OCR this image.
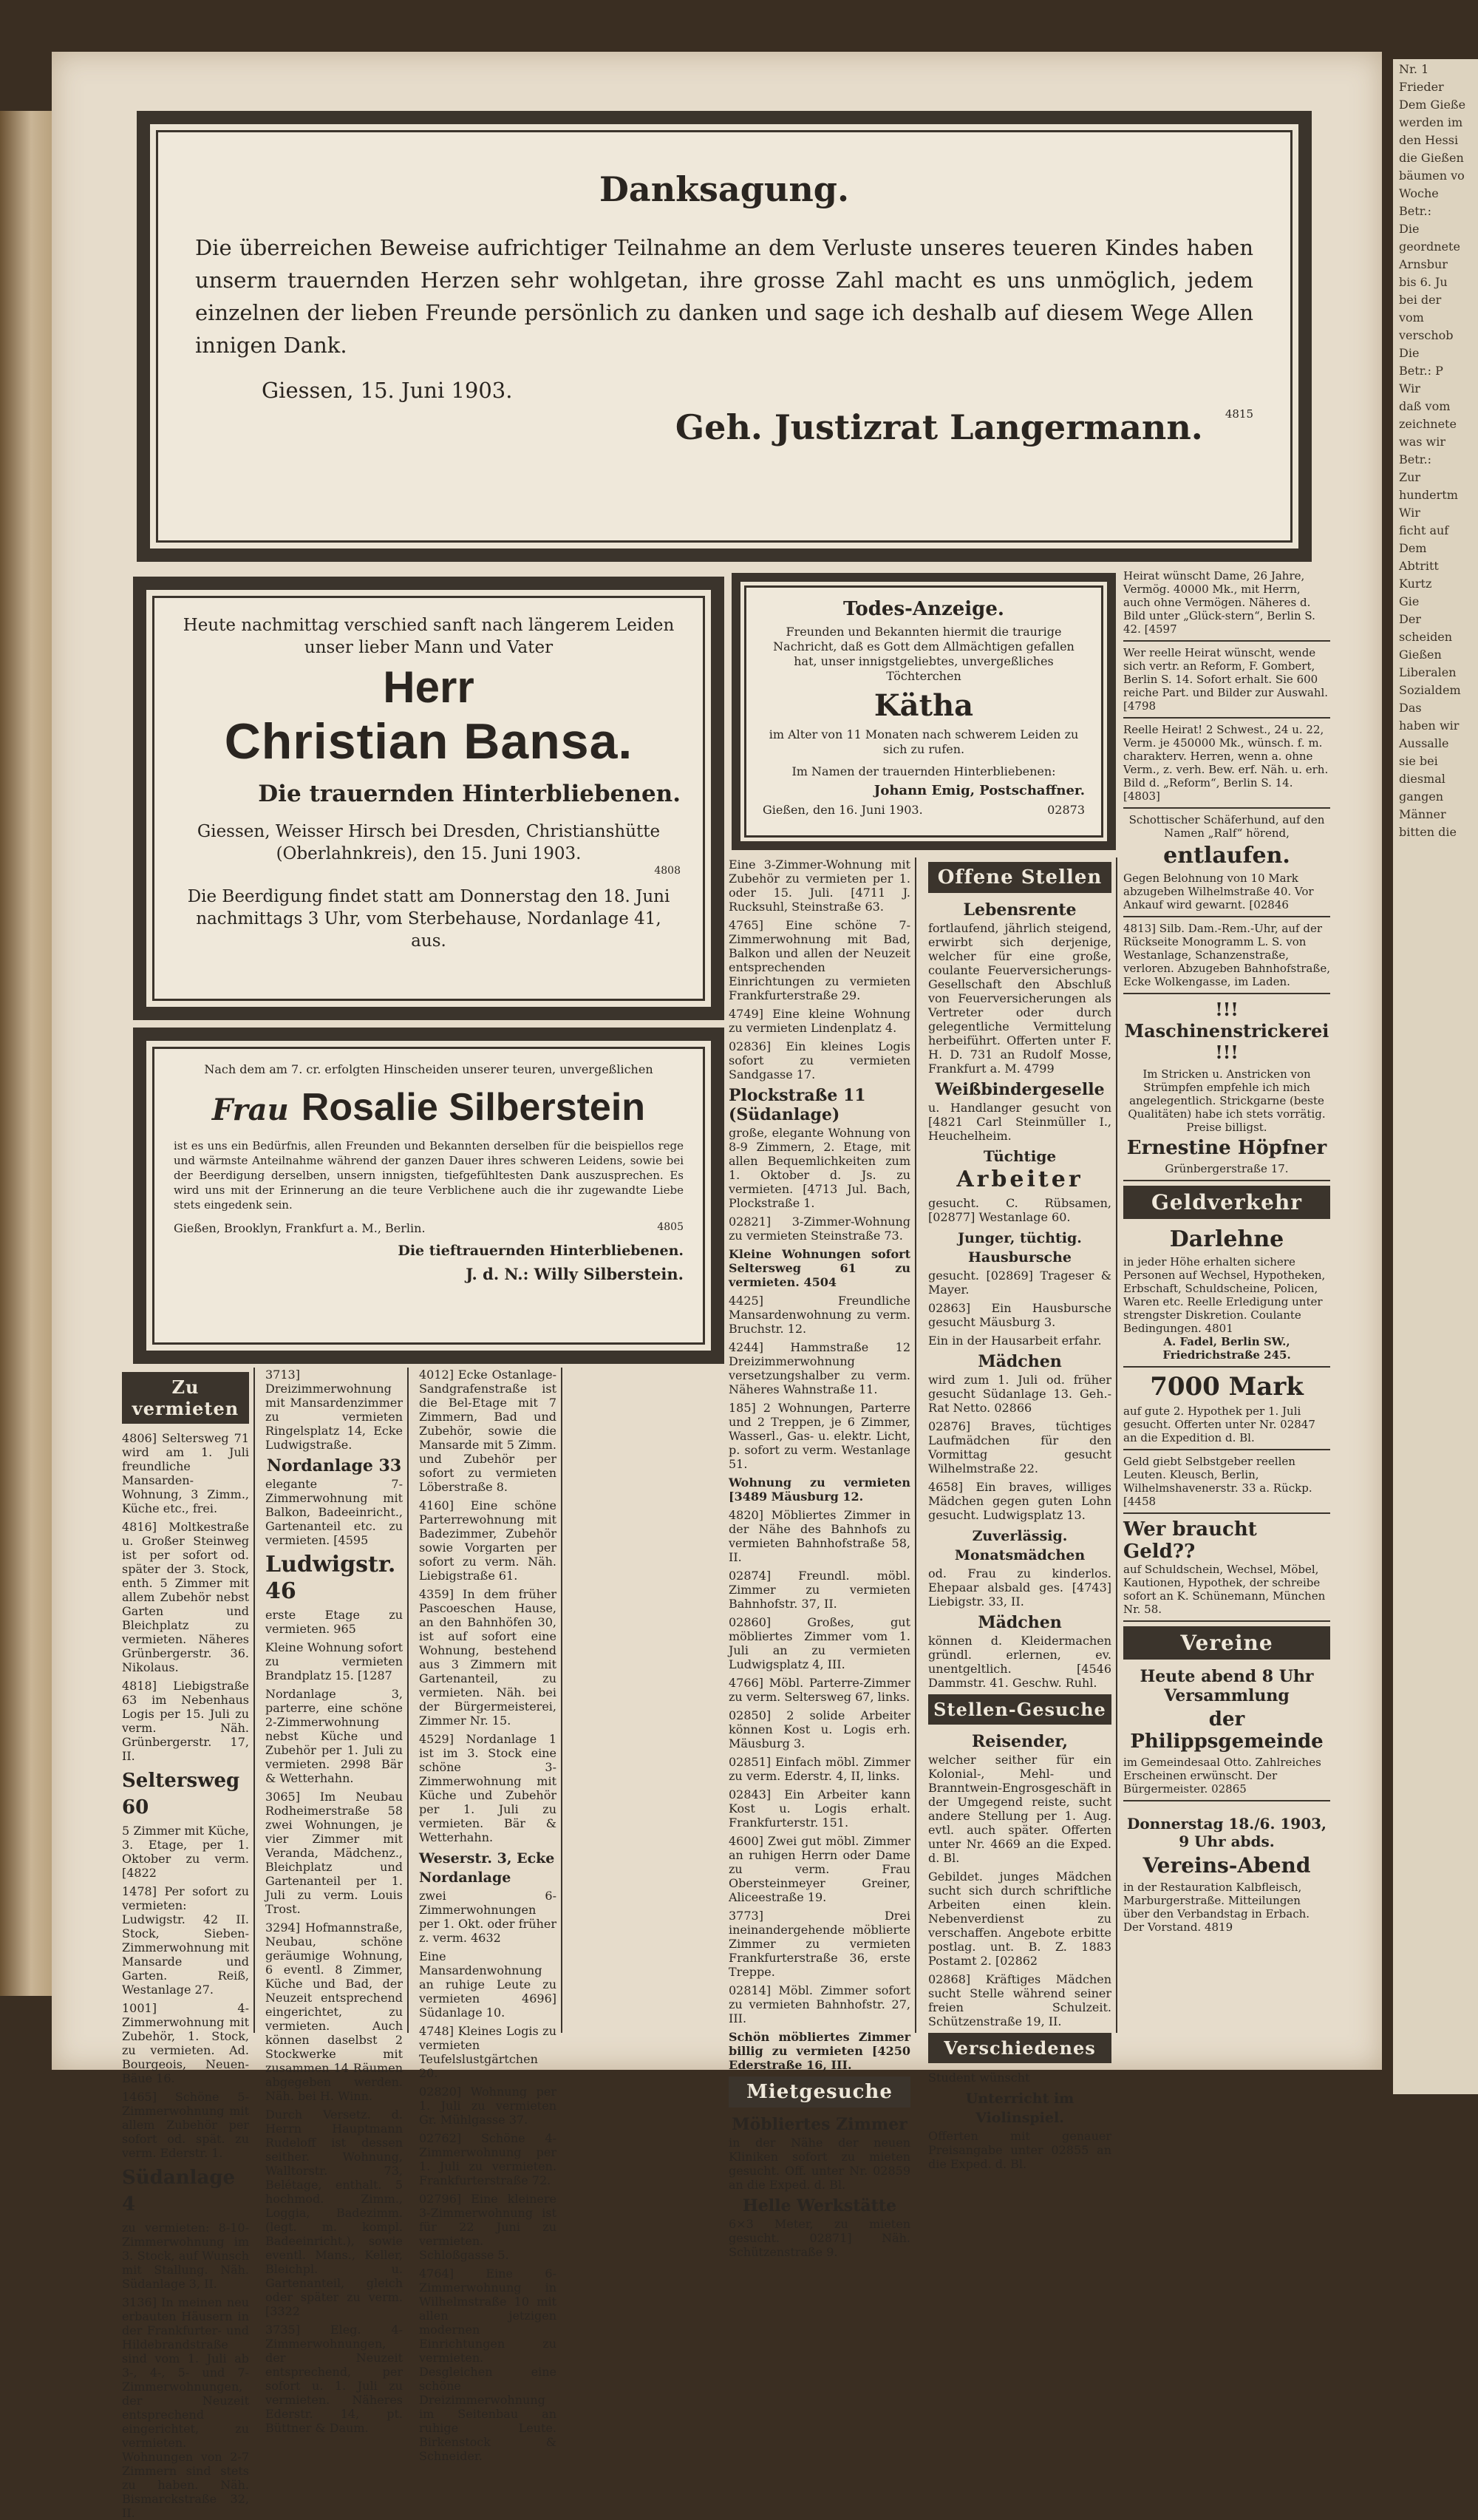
Nr. 1
Frieder
Dem Gieße
werden im
den Hessi
die Gießen
bäumen vo
Woche
Betr.:
Die
geordnete
Arnsbur
bis 6. Ju
bei der
vom
verschob
Die
Betr.: P
Wir
daß vom
zeichnete
was wir
Betr.:
Zur
hundertm
Wir
ficht auf
Dem
Abtritt
Kurtz
Gie
Der
scheiden
Gießen
Liberalen
Sozialdem
Das
haben wir
Aussalle
sie bei
diesmal
gangen
Männer
bitten die
Danksagung.
Die überreichen Beweise aufrichtiger Teilnahme an dem Verluste unseres teueren Kindes haben unserm trauernden Herzen sehr wohlgetan, ihre grosse Zahl macht es uns unmöglich, jedem einzelnen der lieben Freunde persönlich zu danken und sage ich deshalb auf diesem Wege Allen innigen Dank.
Giessen, 15. Juni 1903.
Geh. Justizrat Langermann. 4815
Heute nachmittag verschied sanft nach längerem Leiden unser lieber Mann und Vater
Herr
Christian Bansa.
Die trauernden Hinterbliebenen.
Giessen, Weisser Hirsch bei Dresden, Christianshütte (Oberlahnkreis), den 15. Juni 1903.
4808
Die Beerdigung findet statt am Donnerstag den 18. Juni nachmittags 3 Uhr, vom Sterbehause, Nordanlage 41, aus.
Todes-Anzeige.
Freunden und Bekannten hiermit die traurige Nachricht, daß es Gott dem Allmächtigen gefallen hat, unser innigstgeliebtes, unvergeßliches Töchterchen
Kätha
im Alter von 11 Monaten nach schwerem Leiden zu sich zu rufen.
Im Namen der trauernden Hinterbliebenen:
Johann Emig, Postschaffner.
Gießen, den 16. Juni 1903.	02873
Nach dem am 7. cr. erfolgten Hinscheiden unserer teuren, unvergeßlichen
Frau Rosalie Silberstein
ist es uns ein Bedürfnis, allen Freunden und Bekannten derselben für die beispiellos rege und wärmste Anteilnahme während der ganzen Dauer ihres schweren Leidens, sowie bei der Beerdigung derselben, unsern innigsten, tiefgefühltesten Dank auszusprechen. Es wird uns mit der Erinnerung an die teure Verblichene auch die ihr zugewandte Liebe stets eingedenk sein.
Gießen, Brooklyn, Frankfurt a. M., Berlin.	4805
Die tieftrauernden Hinterbliebenen.
J. d. N.: Willy Silberstein.

Heirat wünscht Dame, 26 Jahre, Vermög. 40000 Mk., mit Herrn, auch ohne Vermögen. Näheres d. Bild unter „Glück-stern“, Berlin S. 42. [4597

Wer reelle Heirat wünscht, wende sich vertr. an Reform, F. Gombert, Berlin S. 14. Sofort erhalt. Sie 600 reiche Part. und Bilder zur Auswahl. [4798

Reelle Heirat! 2 Schwest., 24 u. 22, Verm. je 450000 Mk., wünsch. f. m. charakterv. Herren, wenn a. ohne Verm., z. verh. Bew. erf. Näh. u. erh. Bild d. „Reform“, Berlin S. 14. [4803]

Schottischer Schäferhund, auf den Namen „Ralf“ hörend,

entlaufen.

Gegen Belohnung von 10 Mark abzugeben Wilhelmstraße 40. Vor Ankauf wird gewarnt. [02846

4813] Silb. Dam.-Rem.-Uhr, auf der Rückseite Monogramm L. S. von Westanlage, Schanzenstraße, verloren. Abzugeben Bahnhofstraße, Ecke Wolkengasse, im Laden.

!!! Maschinenstrickerei !!!

Im Stricken u. Anstricken von Strümpfen empfehle ich mich angelegentlich. Strickgarne (beste Qualitäten) habe ich stets vorrätig. Preise billigst.

Ernestine Höpfner

Grünbergerstraße 17.

Geldverkehr
Darlehne

in jeder Höhe erhalten sichere Personen auf Wechsel, Hypotheken, Erbschaft, Schuldscheine, Policen, Waren etc. Reelle Erledigung unter strengster Diskretion. Coulante Bedingungen. 4801

A. Fadel, Berlin SW., Friedrichstraße 245.

7000 Mark

auf gute 2. Hypothek per 1. Juli gesucht. Offerten unter Nr. 02847 an die Expedition d. Bl.

Geld giebt Selbstgeber reellen Leuten. Kleusch, Berlin, Wilhelmshavenerstr. 33 a. Rückp. [4458

Wer braucht Geld??

auf Schuldschein, Wechsel, Möbel, Kautionen, Hypothek, der schreibe sofort an K. Schünemann, München Nr. 58.

Vereine
Heute abend 8 Uhr Versammlung
der Philippsgemeinde

im Gemeindesaal Otto. Zahlreiches Erscheinen erwünscht. Der Bürgermeister. 02865

Donnerstag 18./6. 1903, 9 Uhr abds.
Vereins-Abend

in der Restauration Kalbfleisch, Marburgerstraße. Mitteilungen über den Verbandstag in Erbach. Der Vorstand. 4819

Zu vermieten

4806] Seltersweg 71 wird am 1. Juli freundliche Mansarden-Wohnung, 3 Zimm., Küche etc., frei.

4816] Moltkestraße u. Großer Steinweg ist per sofort od. später der 3. Stock, enth. 5 Zimmer mit allem Zubehör nebst Garten und Bleichplatz zu vermieten. Näheres Grünbergerstr. 36. Nikolaus.

4818] Liebigstraße 63 im Nebenhaus Logis per 15. Juli zu verm. Näh. Grünbergerstr. 17, II.

Seltersweg 60

5 Zimmer mit Küche, 3. Etage, per 1. Oktober zu verm. [4822

1478] Per sofort zu vermieten: Ludwigstr. 42 II. Stock, Sieben-Zimmerwohnung mit Mansarde und Garten. Reiß, Westanlage 27.

1001] 4-Zimmerwohnung mit Zubehör, 1. Stock, zu vermieten. Ad. Bourgeois, Neuen-Bäue 16.

1465] Schöne 5-Zimmerwohnung mit allem Zubehör per sofort od. spät. zu verm. Ederstr. 1.

Südanlage 4

zu vermieten: 8-10-Zimmerwohnung im 3. Stock, auf Wunsch mit Stallung. Näh. Südanlage 3, II.

3136] In meinen neu erbauten Häusern in der Frankfurter- und Hildebrandstraße sind vom 1. Juli ab 3-, 4-, 5- und 7-Zimmerwohnungen, der Neuzeit entsprechend eingerichtet, zu vermieten. Wohnungen von 2-7 Zimmern sind stets zu haben. Näh. Bismarckstraße 32, II.

3713] Dreizimmerwohnung mit Mansardenzimmer zu vermieten Ringelsplatz 14, Ecke Ludwigstraße.

Nordanlage 33

elegante 7-Zimmerwohnung mit Balkon, Badeeinricht., Gartenanteil etc. zu vermieten. [4595

Ludwigstr. 46

erste Etage zu vermieten. 965

Kleine Wohnung sofort zu vermieten Brandplatz 15. [1287

Nordanlage 3, parterre, eine schöne 2-Zimmerwohnung nebst Küche und Zubehör per 1. Juli zu vermieten. 2998 Bär & Wetterhahn.

3065] Im Neubau Rodheimerstraße 58 zwei Wohnungen, je vier Zimmer mit Veranda, Mädchenz., Bleichplatz und Gartenanteil per 1. Juli zu verm. Louis Trost.

3294] Hofmannstraße, Neubau, schöne geräumige Wohnung, 6 eventl. 8 Zimmer, Küche und Bad, der Neuzeit entsprechend eingerichtet, zu vermieten. Auch können daselbst 2 Stockwerke mit zusammen 14 Räumen abgegeben werden. Näh. bei H. Winn.

Durch Versetz. d. Herrn Hauptmann Rudeloff ist dessen seither. Wohnung, Walltorstr. 73, Belétage, enthalt. 5 hochmod. Zimm., Loggia, Badezimm. (legt. m. kompl. Badeeinricht.), sowie eventl. Mans., Keller, Bleichpl. u. Gartenanteil, gleich oder später zu verm. [3322

3735] Eleg. 4-Zimmerwohnungen, der Neuzeit entsprechend, per sofort u. 1. Juli zu vermieten. Näheres Ederstr. 14, pt. Büttner & Daum.

4012] Ecke Ostanlage-Sandgrafenstraße ist die Bel-Etage mit 7 Zimmern, Bad und Zubehör, sowie die Mansarde mit 5 Zimm. und Zubehör per sofort zu vermieten Löberstraße 8.

4160] Eine schöne Parterrewohnung mit Badezimmer, Zubehör sowie Vorgarten per sofort zu verm. Näh. Liebigstraße 61.

4359] In dem früher Pascoeschen Hause, an den Bahnhöfen 30, ist auf sofort eine Wohnung, bestehend aus 3 Zimmern mit Gartenanteil, zu vermieten. Näh. bei der Bürgermeisterei, Zimmer Nr. 15.

4529] Nordanlage 1 ist im 3. Stock eine schöne 3-Zimmerwohnung mit Küche und Zubehör per 1. Juli zu vermieten. Bär & Wetterhahn.

Weserstr. 3, Ecke Nordanlage

zwei 6-Zimmerwohnungen per 1. Okt. oder früher z. verm. 4632

Eine Mansardenwohnung an ruhige Leute zu vermieten 4696] Südanlage 10.

4748] Kleines Logis zu vermieten Teufelslustgärtchen 20.

02820] Wohnung per 1. Juli zu vermieten Gr. Mühlgasse 37.

02762] Schöne 4-Zimmerwohnung per 1. Juli zu vermieten. Frankfurterstraße 72.

02796] Eine kleinere 3-Zimmerwohnung ist für 22 Juni zu vermieten. Schloßgasse 5.

4764] Eine 6-Zimmerwohnung in Wilhelmstraße 10 mit allen jetzigen modernen Einrichtungen zu vermieten. Desgleichen eine schöne Dreizimmerwohnung im Seitenbau an ruhige Leute. Birkenstock & Schneider.

Eine 3-Zimmer-Wohnung mit Zubehör zu vermieten per 1. oder 15. Juli. [4711 J. Rucksuhl, Steinstraße 63.

4765] Eine schöne 7-Zimmerwohnung mit Bad, Balkon und allen der Neuzeit entsprechenden Einrichtungen zu vermieten Frankfurterstraße 29.

4749] Eine kleine Wohnung zu vermieten Lindenplatz 4.

02836] Ein kleines Logis sofort zu vermieten Sandgasse 17.

Plockstraße 11 (Südanlage)

große, elegante Wohnung von 8-9 Zimmern, 2. Etage, mit allen Bequemlichkeiten zum 1. Oktober d. Js. zu vermieten. [4713 Jul. Bach, Plockstraße 1.

02821] 3-Zimmer-Wohnung zu vermieten Steinstraße 73.

Kleine Wohnungen sofort Seltersweg 61 zu vermieten. 4504

4425] Freundliche Mansardenwohnung zu verm. Bruchstr. 12.

4244] Hammstraße 12 Dreizimmerwohnung versetzungshalber zu verm. Näheres Wahnstraße 11.

185] 2 Wohnungen, Parterre und 2 Treppen, je 6 Zimmer, Wasserl., Gas- u. elektr. Licht, p. sofort zu verm. Westanlage 51.

Wohnung zu vermieten [3489 Mäusburg 12.

4820] Möbliertes Zimmer in der Nähe des Bahnhofs zu vermieten Bahnhofstraße 58, II.

02874] Freundl. möbl. Zimmer zu vermieten Bahnhofstr. 37, II.

02860] Großes, gut möbliertes Zimmer vom 1. Juli an zu vermieten Ludwigsplatz 4, III.

4766] Möbl. Parterre-Zimmer zu verm. Seltersweg 67, links.

02850] 2 solide Arbeiter können Kost u. Logis erh. Mäusburg 3.

02851] Einfach möbl. Zimmer zu verm. Ederstr. 4, II, links.

02843] Ein Arbeiter kann Kost u. Logis erhalt. Frankfurterstr. 151.

4600] Zwei gut möbl. Zimmer an ruhigen Herrn oder Dame zu verm. Frau Obersteinmeyer Greiner, Aliceestraße 19.

3773] Drei ineinandergehende möblierte Zimmer zu vermieten Frankfurterstraße 36, erste Treppe.

02814] Möbl. Zimmer sofort zu vermieten Bahnhofstr. 27, III.

Schön möbliertes Zimmer billig zu vermieten [4250 Ederstraße 16, III.

Mietgesuche
Möbliertes Zimmer

in der Nähe der neuen Kliniken sofort zu mieten gesucht. Off. unter Nr. 02859 an die Exped. d. Bl.

Helle Werkstätte

6×3 Meter, zu mieten gesucht. 02871] Näh. Schützenstraße 9.

Offene Stellen
Lebensrente

fortlaufend, jährlich steigend, erwirbt sich derjenige, welcher für eine große, coulante Feuerversicherungs-Gesellschaft den Abschluß von Feuerversicherungen als Vertreter oder durch gelegentliche Vermittelung herbeiführt. Offerten unter F. H. D. 731 an Rudolf Mosse, Frankfurt a. M. 4799

Weißbindergeselle

u. Handlanger gesucht von [4821 Carl Steinmüller I., Heuchelheim.

Tüchtige
Arbeiter

gesucht. C. Rübsamen, [02877] Westanlage 60.

Junger, tüchtig. Hausbursche

gesucht. [02869] Trageser & Mayer.

02863] Ein Hausbursche gesucht Mäusburg 3.

Ein in der Hausarbeit erfahr.

Mädchen

wird zum 1. Juli od. früher gesucht Südanlage 13. Geh.-Rat Netto. 02866

02876] Braves, tüchtiges Laufmädchen für den Vormittag gesucht Wilhelmstraße 22.

4658] Ein braves, williges Mädchen gegen guten Lohn gesucht. Ludwigsplatz 13.

Zuverlässig. Monatsmädchen

od. Frau zu kinderlos. Ehepaar alsbald ges. [4743] Liebigstr. 33, II.

Mädchen

können d. Kleidermachen gründl. erlernen, ev. unentgeltlich. [4546 Dammstr. 41. Geschw. Ruhl.

Stellen-Gesuche
Reisender,

welcher seither für ein Kolonial-, Mehl- und Branntwein-Engrosgeschäft in der Umgegend reiste, sucht andere Stellung per 1. Aug. evtl. auch später. Offerten unter Nr. 4669 an die Exped. d. Bl.

Gebildet. junges Mädchen sucht sich durch schriftliche Arbeiten einen klein. Nebenverdienst zu verschaffen. Angebote erbitte postlag. unt. B. Z. 1883 Postamt 2. [02862

02868] Kräftiges Mädchen sucht Stelle während seiner freien Schulzeit. Schützenstraße 19, II.

Verschiedenes

Student wünscht

Unterricht im Violinspiel.

Offerten mit genauer Preisangabe unter 02855 an die Exped. d. Bl.
